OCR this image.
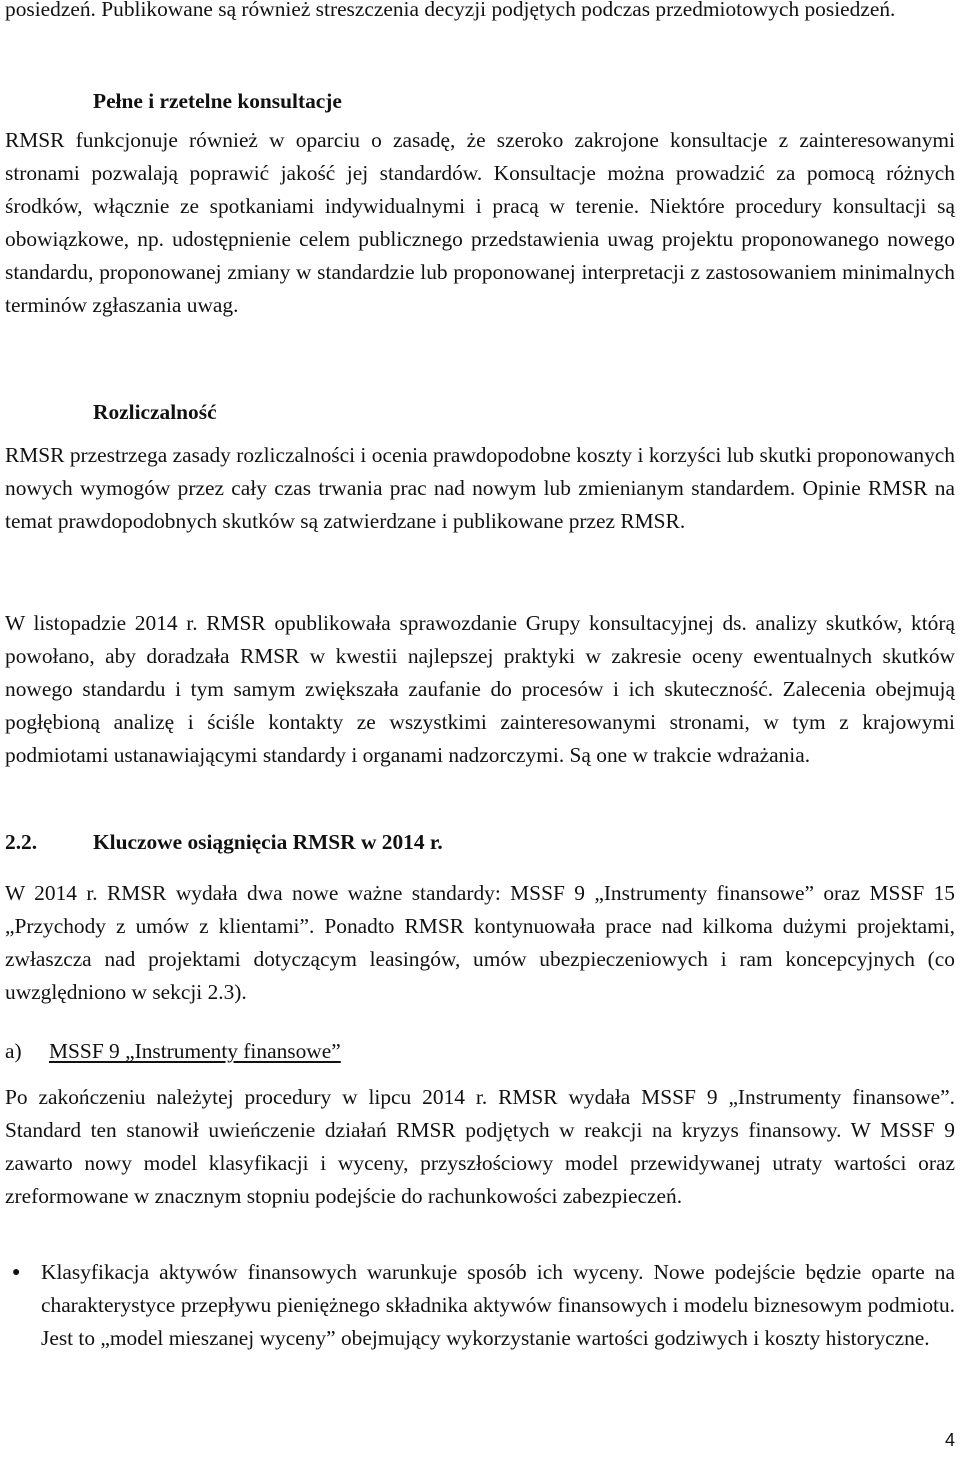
posiedzeń. Publikowane są również streszczenia decyzji podjętych podczas przedmiotowych posiedzeń.

Pełne i rzetelne konsultacje

RMSR funkcjonuje również w oparciu o zasadę, że szeroko zakrojone konsultacje z zainteresowanymi stronami pozwalają poprawić jakość jej standardów. Konsultacje można prowadzić za pomocą różnych środków, włącznie ze spotkaniami indywidualnymi i pracą w terenie. Niektóre procedury konsultacji są obowiązkowe, np. udostępnienie celem publicznego przedstawienia uwag projektu proponowanego nowego standardu, proponowanej zmiany w standardzie lub proponowanej interpretacji z zastosowaniem minimalnych terminów zgłaszania uwag.

Rozliczalność

RMSR przestrzega zasady rozliczalności i ocenia prawdopodobne koszty i korzyści lub skutki proponowanych nowych wymogów przez cały czas trwania prac nad nowym lub zmienianym standardem. Opinie RMSR na temat prawdopodobnych skutków są zatwierdzane i publikowane przez RMSR.

W listopadzie 2014 r. RMSR opublikowała sprawozdanie Grupy konsultacyjnej ds. analizy skutków, którą powołano, aby doradzała RMSR w kwestii najlepszej praktyki w zakresie oceny ewentualnych skutków nowego standardu i tym samym zwiększała zaufanie do procesów i ich skuteczność. Zalecenia obejmują pogłębioną analizę i ściśle kontakty ze wszystkimi zainteresowanymi stronami, w tym z krajowymi podmiotami ustanawiającymi standardy i organami nadzorczymi. Są one w trakcie wdrażania.

2.2.	Kluczowe osiągnięcia RMSR w 2014 r.

W 2014 r. RMSR wydała dwa nowe ważne standardy: MSSF 9 „Instrumenty finansowe” oraz MSSF 15 „Przychody z umów z klientami”. Ponadto RMSR kontynuowała prace nad kilkoma dużymi projektami, zwłaszcza nad projektami dotyczącym leasingów, umów ubezpieczeniowych i ram koncepcyjnych (co uwzględniono w sekcji 2.3).

a) MSSF 9 „Instrumenty finansowe”

Po zakończeniu należytej procedury w lipcu 2014 r. RMSR wydała MSSF 9 „Instrumenty finansowe”. Standard ten stanowił uwieńczenie działań RMSR podjętych w reakcji na kryzys finansowy. W MSSF 9 zawarto nowy model klasyfikacji i wyceny, przyszłościowy model przewidywanej utraty wartości oraz zreformowane w znacznym stopniu podejście do rachunkowości zabezpieczeń.

● Klasyfikacja aktywów finansowych warunkuje sposób ich wyceny. Nowe podejście będzie oparte na charakterystyce przepływu pieniężnego składnika aktywów finansowych i modelu biznesowym podmiotu. Jest to „model mieszanej wyceny” obejmujący wykorzystanie wartości godziwych i koszty historyczne.

4
